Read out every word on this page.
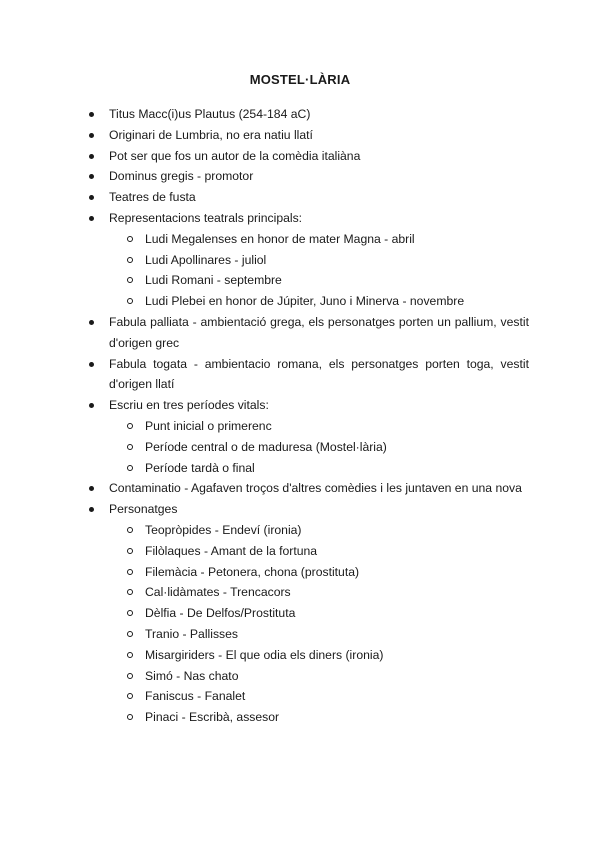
MOSTEL·LÀRIA
Titus Macc(i)us Plautus (254-184 aC)
Originari de Lumbria, no era natiu llatí
Pot ser que fos un autor de la comèdia italiàna
Dominus gregis - promotor
Teatres de fusta
Representacions teatrals principals:
Ludi Megalenses en honor de mater Magna - abril
Ludi Apollinares - juliol
Ludi Romani - septembre
Ludi Plebei en honor de Júpiter, Juno i Minerva - novembre
Fabula palliata - ambientació grega, els personatges porten un pallium, vestit d'origen grec
Fabula togata - ambientacio romana, els personatges porten toga, vestit d'origen llatí
Escriu en tres períodes vitals:
Punt inicial o primerenc
Període central o de maduresa (Mostel·lària)
Període tardà o final
Contaminatio - Agafaven troços d'altres comèdies i les juntaven en una nova
Personatges
Teopròpides - Endeví (ironia)
Filòlaques - Amant de la fortuna
Filemàcia - Petonera, chona (prostituta)
Cal·lidàmates - Trencacors
Dèlfia - De Delfos/Prostituta
Tranio - Pallisses
Misargiriders - El que odia els diners (ironia)
Simó - Nas chato
Faniscus - Fanalet
Pinaci - Escribà, assesor
